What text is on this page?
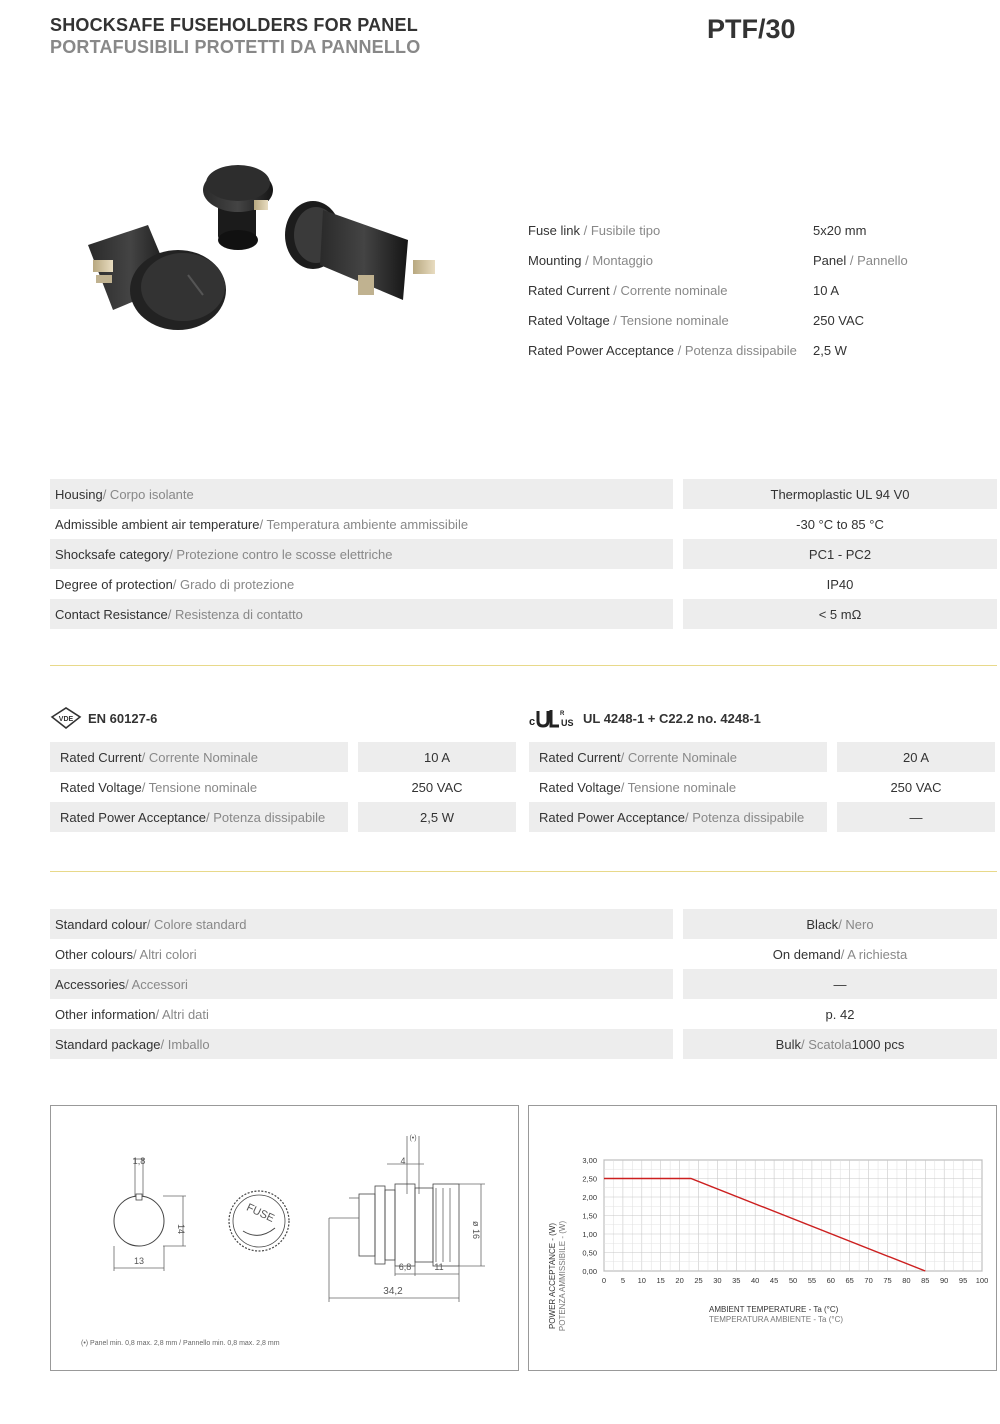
SHOCKSAFE FUSEHOLDERS FOR PANEL
PORTAFUSIBILI PROTETTI DA PANNELLO
PTF/30
Fuse link / Fusibile tipo	5x20 mm
Mounting / Montaggio	Panel / Pannello
Rated Current / Corrente nominale	10 A
Rated Voltage / Tensione nominale	250 VAC
Rated Power Acceptance / Potenza dissipabile	2,5 W
Housing / Corpo isolante	Thermoplastic UL 94 V0
Admissible ambient air temperature / Temperatura ambiente ammissibile	-30 °C to 85 °C
Shocksafe category / Protezione contro le scosse elettriche	PC1 - PC2
Degree of protection / Grado di protezione	IP40
Contact Resistance / Resistenza di contatto	< 5 mΩ
VDE EN 60127-6
Rated Current / Corrente Nominale	10 A
Rated Voltage / Tensione nominale	250 VAC
Rated Power Acceptance / Potenza dissipabile	2,5 W
c
R
US UL 4248-1 + C22.2 no. 4248-1
Rated Current / Corrente Nominale	20 A
Rated Voltage / Tensione nominale	250 VAC
Rated Power Acceptance / Potenza dissipabile	—
Standard colour / Colore standard	Black / Nero
Other colours / Altri colori	On demand / A richiesta
Accessories / Accessori	—
Other information / Altri dati	p. 42
Standard package / Imballo	Bulk / Scatola 1000 pcs
1,8
14
13
FUSE
(•)
4
ø 16
6,8	11
34,2
(•) Panel min. 0,8 max. 2,8 mm / Pannello min. 0,8 max. 2,8 mm
POWER ACCEPTANCE - (W) POTENZA AMMISSIBILE - (W)	AMBIENT TEMPERATURE - Ta (°C)
TEMPERATURA AMBIENTE - Ta (°C)
0 5 10 15 20 25 30 35 40 45 50 55 60 65 70 75 80 85 90 95 100
0,00
0,50
1,00
1,50
2,00
2,50
3,00
